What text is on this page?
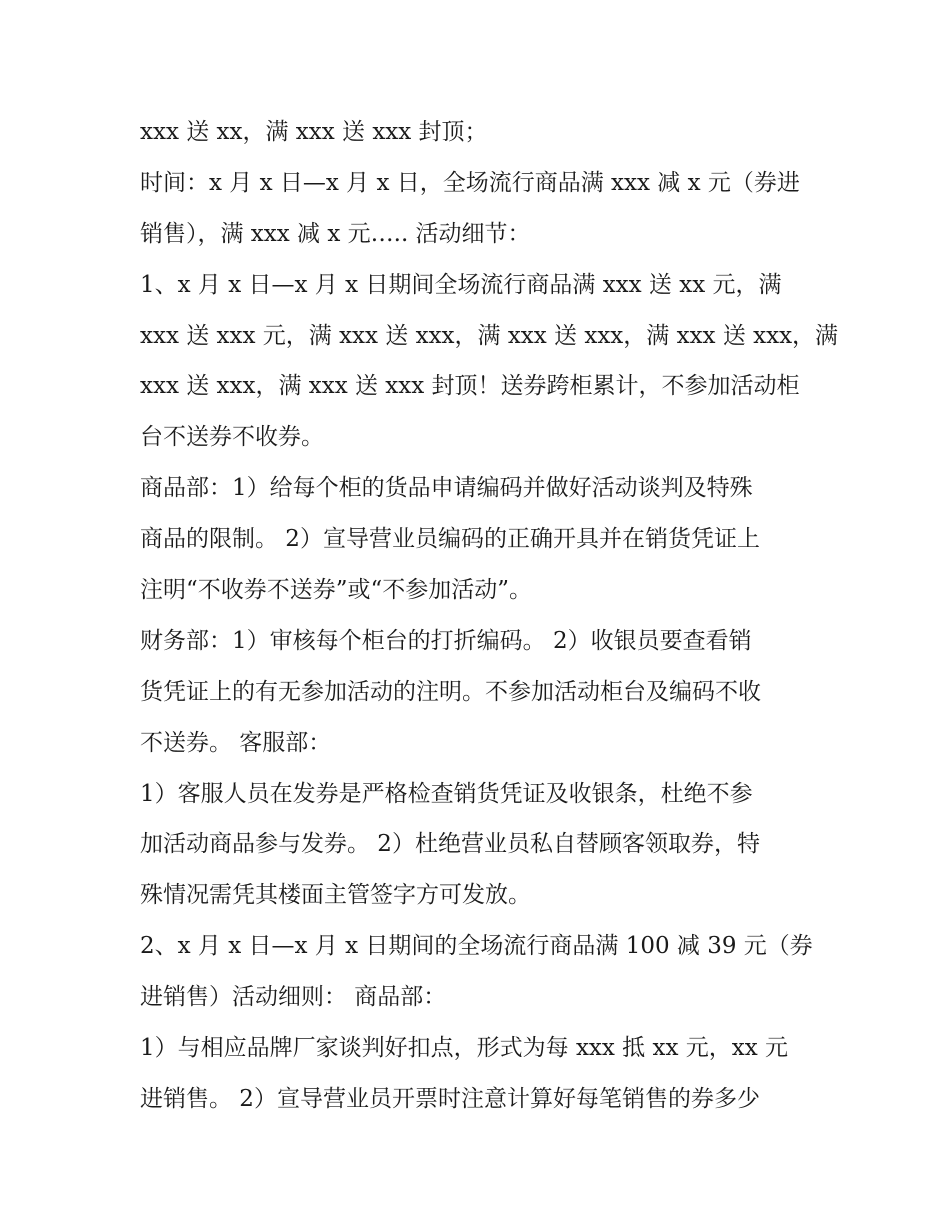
xxx 送 xx，满 xxx 送 xxx 封顶；
时间：x 月 x 日—x 月 x 日，全场流行商品满 xxx 减 x 元（券进
销售），满 xxx 减 x 元….. 活动细节：
1、x 月 x 日—x 月 x 日期间全场流行商品满 xxx 送 xx 元，满
xxx 送 xxx 元，满 xxx 送 xxx，满 xxx 送 xxx，满 xxx 送 xxx，满
xxx 送 xxx，满 xxx 送 xxx 封顶！送券跨柜累计，不参加活动柜
台不送券不收券。
商品部：1）给每个柜的货品申请编码并做好活动谈判及特殊
商品的限制。 2）宣导营业员编码的正确开具并在销货凭证上
注明“不收券不送券”或“不参加活动”。
财务部：1）审核每个柜台的打折编码。 2）收银员要查看销
货凭证上的有无参加活动的注明。不参加活动柜台及编码不收
不送券。 客服部：
1）客服人员在发券是严格检查销货凭证及收银条，杜绝不参
加活动商品参与发券。 2）杜绝营业员私自替顾客领取券，特
殊情况需凭其楼面主管签字方可发放。
2、x 月 x 日—x 月 x 日期间的全场流行商品满 100 减 39 元（券
进销售）活动细则： 商品部：
1）与相应品牌厂家谈判好扣点，形式为每 xxx 抵 xx 元，xx 元
进销售。 2）宣导营业员开票时注意计算好每笔销售的券多少
